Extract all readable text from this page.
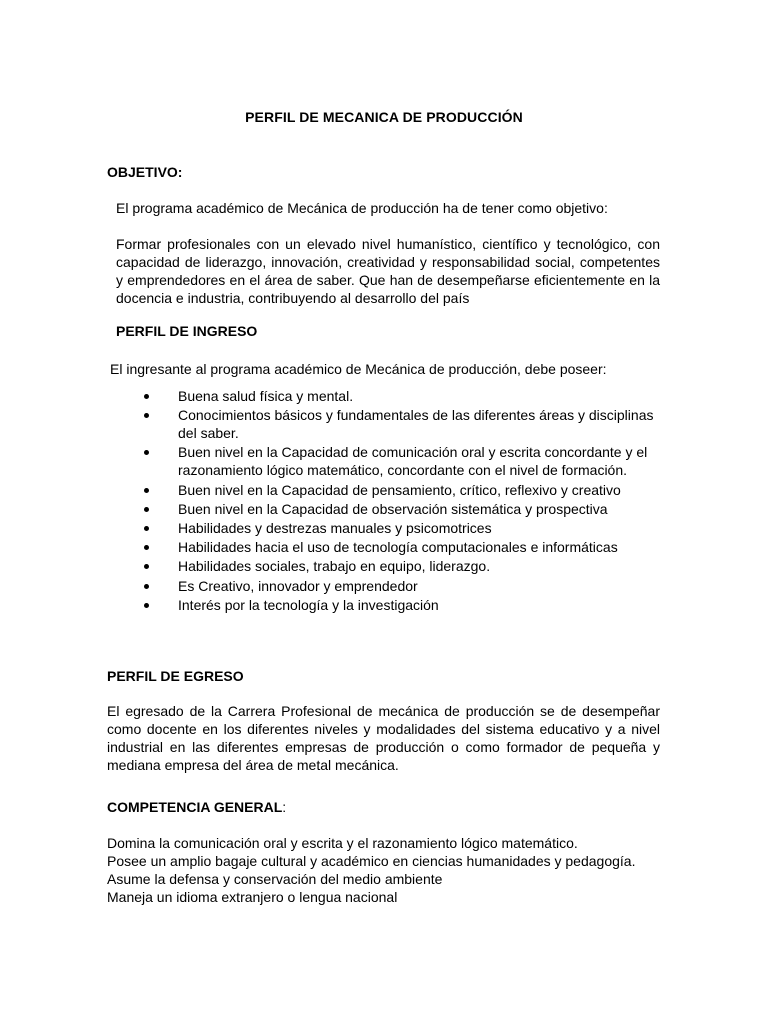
PERFIL DE MECANICA DE PRODUCCIÓN
OBJETIVO:
El programa académico de Mecánica de producción ha de tener como objetivo:
Formar profesionales con un elevado nivel humanístico, científico y tecnológico, con capacidad de liderazgo, innovación, creatividad y responsabilidad social, competentes y emprendedores en el área de saber. Que han de desempeñarse eficientemente en la docencia e industria, contribuyendo al desarrollo del país
PERFIL DE INGRESO
El ingresante al programa académico de Mecánica de producción, debe poseer:
Buena salud física y mental.
Conocimientos básicos y fundamentales de las diferentes áreas y disciplinas del saber.
Buen nivel en la Capacidad de comunicación oral y escrita concordante y el razonamiento lógico matemático, concordante con el nivel de formación.
Buen nivel en la Capacidad de pensamiento, crítico, reflexivo y creativo
Buen nivel en la Capacidad de observación sistemática y prospectiva
Habilidades y destrezas manuales y psicomotrices
Habilidades hacia el uso de tecnología computacionales e informáticas
Habilidades sociales, trabajo en equipo, liderazgo.
Es Creativo, innovador y emprendedor
Interés por la tecnología y la investigación
PERFIL DE EGRESO
El egresado de la Carrera Profesional de mecánica de producción se de desempeñar como docente en los diferentes niveles y modalidades del sistema educativo y a nivel industrial en las diferentes empresas de producción o como formador de pequeña y mediana empresa del área de metal mecánica.
COMPETENCIA GENERAL:
Domina la comunicación oral y escrita y el razonamiento lógico matemático.
Posee un amplio bagaje cultural y académico en ciencias humanidades y pedagogía.
Asume la defensa y conservación del medio ambiente
Maneja un idioma extranjero o lengua nacional
